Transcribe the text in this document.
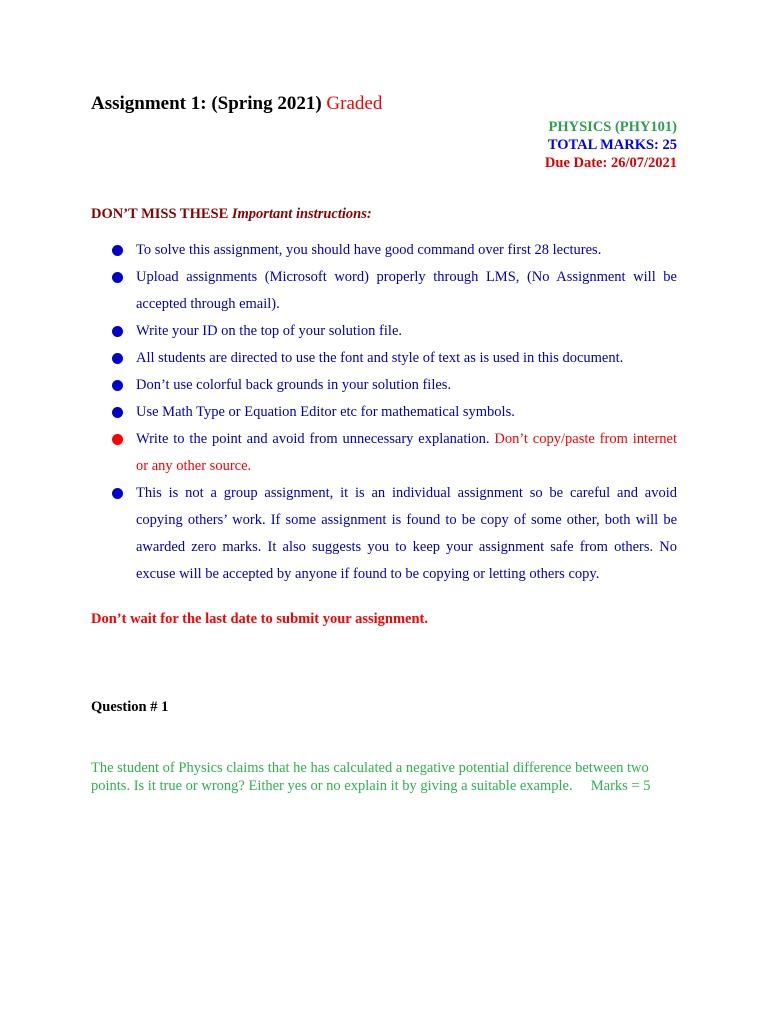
Assignment 1: (Spring 2021) Graded
PHYSICS (PHY101)
TOTAL MARKS: 25
Due Date: 26/07/2021
DON’T MISS THESE Important instructions:
To solve this assignment, you should have good command over first 28 lectures.
Upload assignments (Microsoft word) properly through LMS, (No Assignment will be accepted through email).
Write your ID on the top of your solution file.
All students are directed to use the font and style of text as is used in this document.
Don’t use colorful back grounds in your solution files.
Use Math Type or Equation Editor etc for mathematical symbols.
Write to the point and avoid from unnecessary explanation. Don’t copy/paste from internet or any other source.
This is not a group assignment, it is an individual assignment so be careful and avoid copying others’ work. If some assignment is found to be copy of some other, both will be awarded zero marks. It also suggests you to keep your assignment safe from others. No excuse will be accepted by anyone if found to be copying or letting others copy.
Don’t wait for the last date to submit your assignment.
Question # 1
The student of Physics claims that he has calculated a negative potential difference between two points. Is it true or wrong? Either yes or no explain it by giving a suitable example. Marks = 5
